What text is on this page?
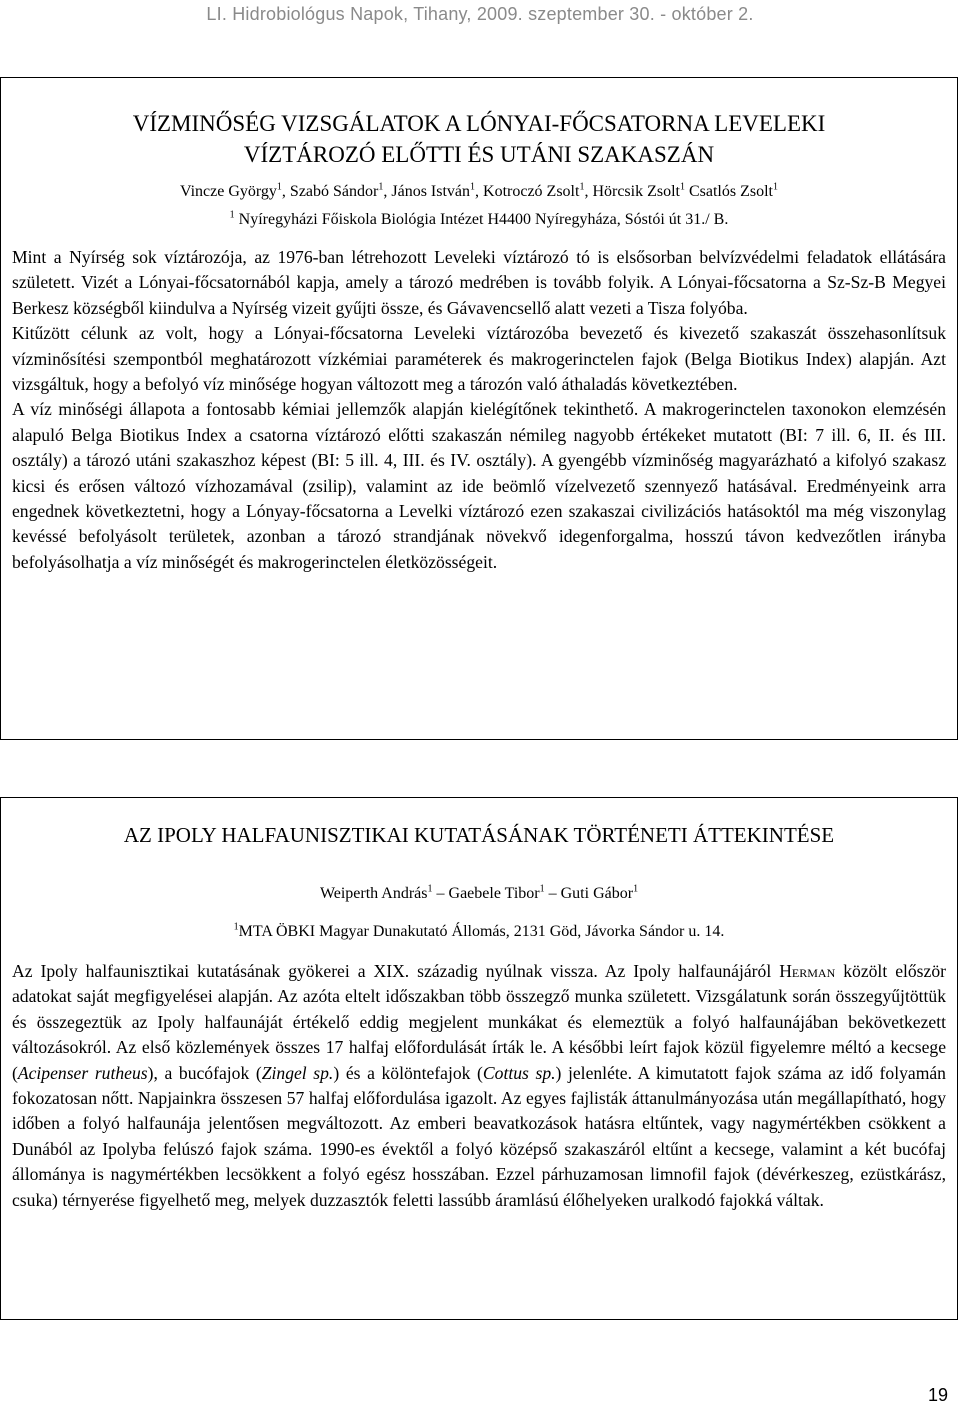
LI. Hidrobiológus Napok, Tihany, 2009. szeptember 30. - október 2.
VÍZMINŐSÉG VIZSGÁLATOK A LÓNYAI-FŐCSATORNA LEVELEKI
VÍZTÁROZÓ ELŐTTI ÉS UTÁNI SZAKASZÁN
Vincze György$^1$, Szabó Sándor$^1$, János István$^1$, Kotroczó Zsolt$^1$, Hörcsik Zsolt$^1$ Csatlós Zsolt$^1$
$^1$ Nyíregyházi Főiskola Biológia Intézet H4400 Nyíregyháza, Sóstói út 31./ B.

Mint a Nyírség sok víztározója, az 1976-ban létrehozott Leveleki víztározó tó is elsősorban belvízvédelmi feladatok ellátására született. Vizét a Lónyai-főcsatornából kapja, amely a tározó medrében is tovább folyik. A Lónyai-főcsatorna a Sz-Sz-B Megyei Berkesz községből kiindulva a Nyírség vizeit gyűjti össze, és Gávavencsellő alatt vezeti a Tisza folyóba.

Kitűzött célunk az volt, hogy a Lónyai-főcsatorna Leveleki víztározóba bevezető és kivezető szakaszát összehasonlítsuk vízminősítési szempontból meghatározott vízkémiai paraméterek és makrogerinctelen fajok (Belga Biotikus Index) alapján. Azt vizsgáltuk, hogy a befolyó víz minősége hogyan változott meg a tározón való áthaladás következtében.

A víz minőségi állapota a fontosabb kémiai jellemzők alapján kielégítőnek tekinthető. A makrogerinctelen taxonokon elemzésén alapuló Belga Biotikus Index a csatorna víztározó előtti szakaszán némileg nagyobb értékeket mutatott (BI: 7 ill. 6, II. és III. osztály) a tározó utáni szakaszhoz képest (BI: 5 ill. 4, III. és IV. osztály). A gyengébb vízminőség magyarázható a kifolyó szakasz kicsi és erősen változó vízhozamával (zsilip), valamint az ide beömlő vízelvezető szennyező hatásával. Eredményeink arra engednek következtetni, hogy a Lónyay-főcsatorna a Levelki víztározó ezen szakaszai civilizációs hatásoktól ma még viszonylag kevéssé befolyásolt területek, azonban a tározó strandjának növekvő idegenforgalma, hosszú távon kedvezőtlen irányba befolyásolhatja a víz minőségét és makrogerinctelen életközösségeit.

AZ IPOLY HALFAUNISZTIKAI KUTATÁSÁNAK TÖRTÉNETI ÁTTEKINTÉSE
Weiperth András$^1$ – Gaebele Tibor$^1$ – Guti Gábor$^1$
$^1$MTA ÖBKI Magyar Dunakutató Állomás, 2131 Göd, Jávorka Sándor u. 14.

Az Ipoly halfaunisztikai kutatásának gyökerei a XIX. századig nyúlnak vissza. Az Ipoly halfaunájáról Herman közölt először adatokat saját megfigyelései alapján. Az azóta eltelt időszakban több összegző munka született. Vizsgálatunk során összegyűjtöttük és összegeztük az Ipoly halfaunáját értékelő eddig megjelent munkákat és elemeztük a folyó halfaunájában bekövetkezett változásokról. Az első közlemények összes 17 halfaj előfordulását írták le. A későbbi leírt fajok közül figyelemre méltó a kecsege (Acipenser rutheus), a bucófajok (Zingel sp.) és a kölöntefajok (Cottus sp.) jelenléte. A kimutatott fajok száma az idő folyamán fokozatosan nőtt. Napjainkra összesen 57 halfaj előfordulása igazolt. Az egyes fajlisták áttanulmányozása után megállapítható, hogy időben a folyó halfaunája jelentősen megváltozott. Az emberi beavatkozások hatásra eltűntek, vagy nagymértékben csökkent a Dunából az Ipolyba felúszó fajok száma. 1990-es évektől a folyó középső szakaszáról eltűnt a kecsege, valamint a két bucófaj állománya is nagymértékben lecsökkent a folyó egész hosszában. Ezzel párhuzamosan limnofil fajok (dévérkeszeg, ezüstkárász, csuka) térnyerése figyelhető meg, melyek duzzasztók feletti lassúbb áramlású élőhelyeken uralkodó fajokká váltak.

19
